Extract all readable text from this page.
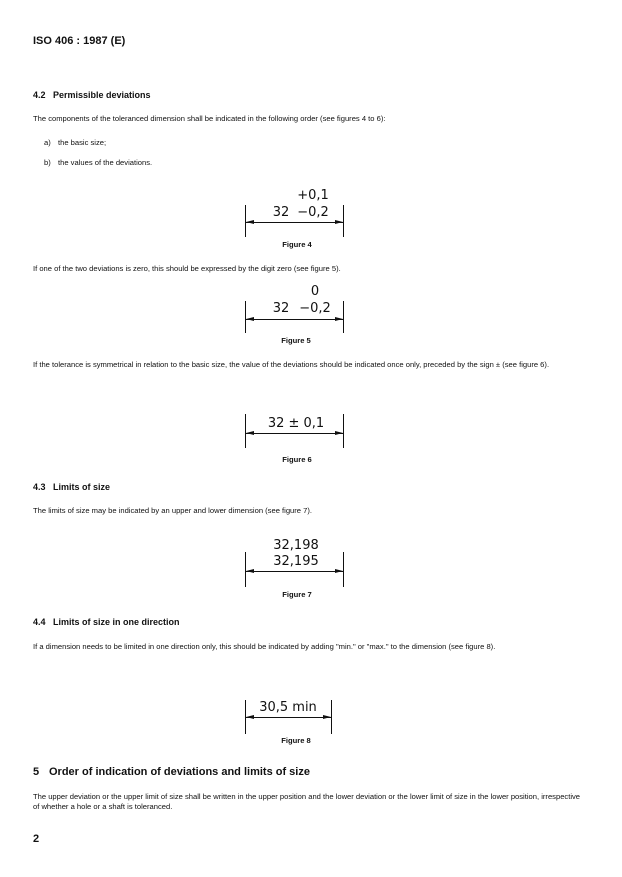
ISO 406 : 1987 (E)
4.2 Permissible deviations
The components of the toleranced dimension shall be indicated in the following order (see figures 4 to 6):
a) the basic size;
b) the values of the deviations.
32
+0,1
−0,2
Figure 4
If one of the two deviations is zero, this should be expressed by the digit zero (see figure 5).
32
0
−0,2
Figure 5
If the tolerance is symmetrical in relation to the basic size, the value of the deviations should be indicated once only, preceded by the sign ± (see figure 6).
32 ± 0,1
Figure 6
4.3 Limits of size
The limits of size may be indicated by an upper and lower dimension (see figure 7).
32,198
32,195
Figure 7
4.4 Limits of size in one direction
If a dimension needs to be limited in one direction only, this should be indicated by adding "min." or "max." to the dimension (see figure 8).
30,5 min
Figure 8
5 Order of indication of deviations and limits of size
The upper deviation or the upper limit of size shall be written in the upper position and the lower deviation or the lower limit of size in the lower position, irrespective of whether a hole or a shaft is toleranced.
2
